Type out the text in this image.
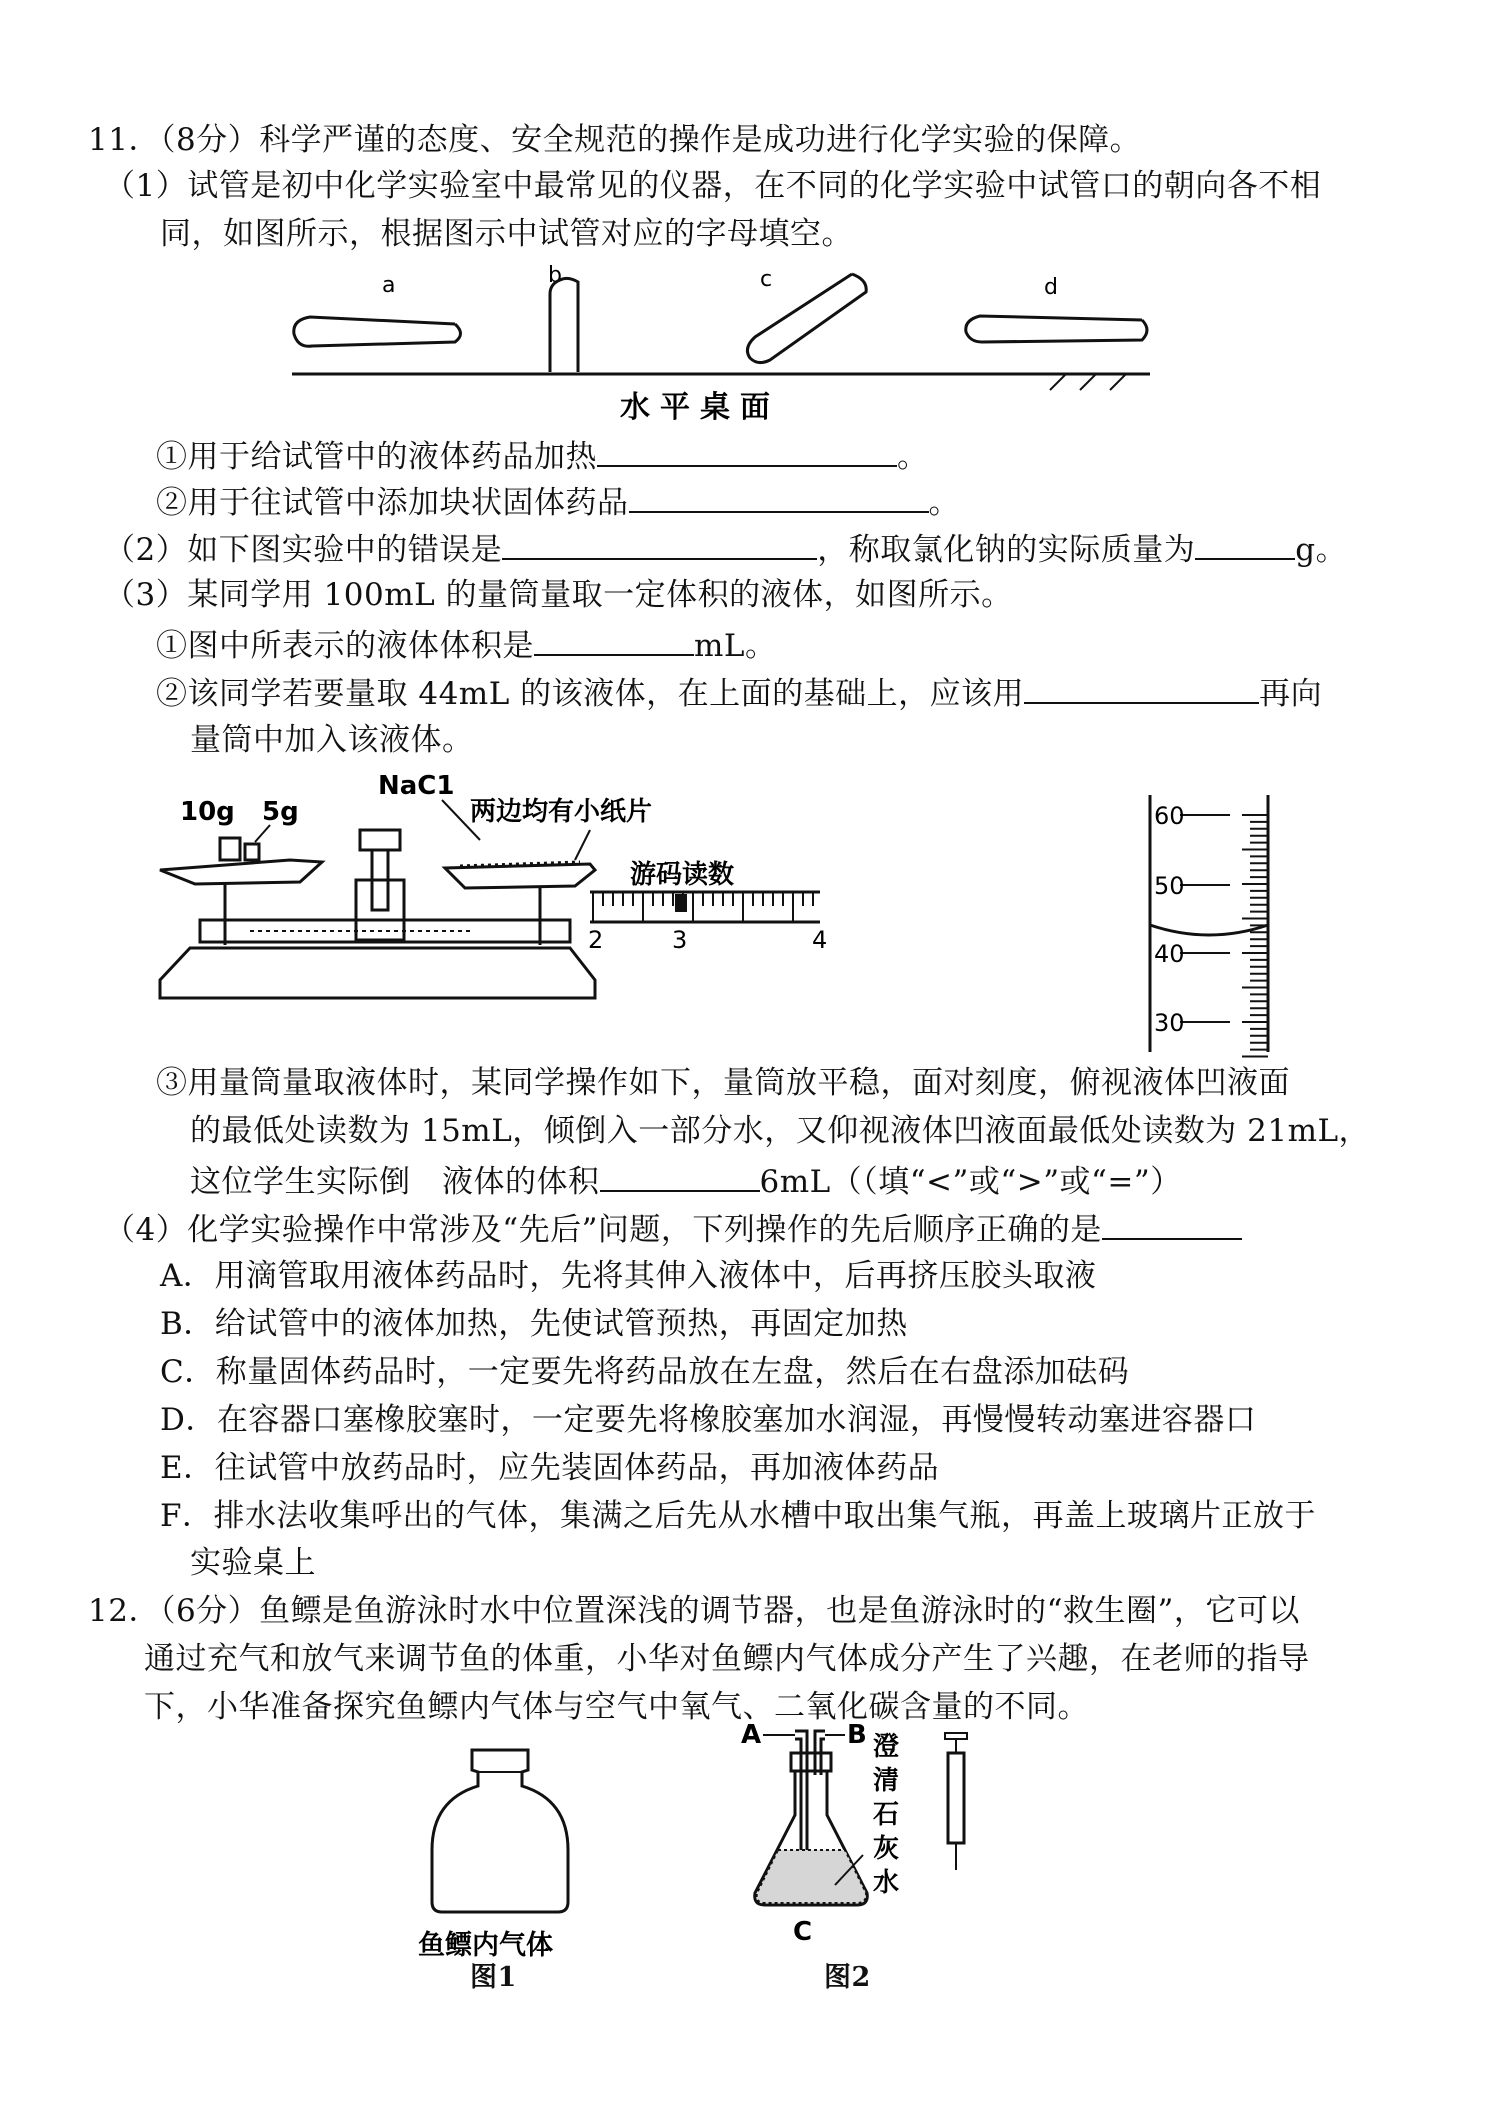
11．（8分）科学严谨的态度、安全规范的操作是成功进行化学实验的保障。
（1）试管是初中化学实验室中最常见的仪器，在不同的化学实验中试管口的朝向各不相
同，如图所示，根据图示中试管对应的字母填空。
a	b	c	d
水平桌面
①用于给试管中的液体药品加热	。
②用于往试管中添加块状固体药品	。
（2）如下图实验中的错误是	，称取氯化钠的实际质量为	g。
（3）某同学用 100mL 的量筒量取一定体积的液体，如图所示。
①图中所表示的液体体积是	mL。
②该同学若要量取 44mL 的该液体，在上面的基础上，应该用	再向
量筒中加入该液体。
10g 5g
NaC1
两边均有小纸片
游码读数
2	3	4
60
50
40
30
③用量筒量取液体时，某同学操作如下，量筒放平稳，面对刻度，俯视液体凹液面
的最低处读数为 15mL，倾倒入一部分水，又仰视液体凹液面最低处读数为 21mL，
这位学生实际倒　液体的体积	6mL（（填“<”或“>”或“=”）
（4）化学实验操作中常涉及“先后”问题，下列操作的先后顺序正确的是
A．用滴管取用液体药品时，先将其伸入液体中，后再挤压胶头取液
B．给试管中的液体加热，先使试管预热，再固定加热
C．称量固体药品时，一定要先将药品放在左盘，然后在右盘添加砝码
D．在容器口塞橡胶塞时，一定要先将橡胶塞加水润湿，再慢慢转动塞进容器口
E．往试管中放药品时，应先装固体药品，再加液体药品
F．排水法收集呼出的气体，集满之后先从水槽中取出集气瓶，再盖上玻璃片正放于
实验桌上
12．（6分）鱼鳔是鱼游泳时水中位置深浅的调节器，也是鱼游泳时的“救生圈”，它可以
通过充气和放气来调节鱼的体重，小华对鱼鳔内气体成分产生了兴趣，在老师的指导
下，小华准备探究鱼鳔内气体与空气中氧气、二氧化碳含量的不同。
鱼鳔内气体
图1
A	B
C
澄
清
石
灰
水
图2
